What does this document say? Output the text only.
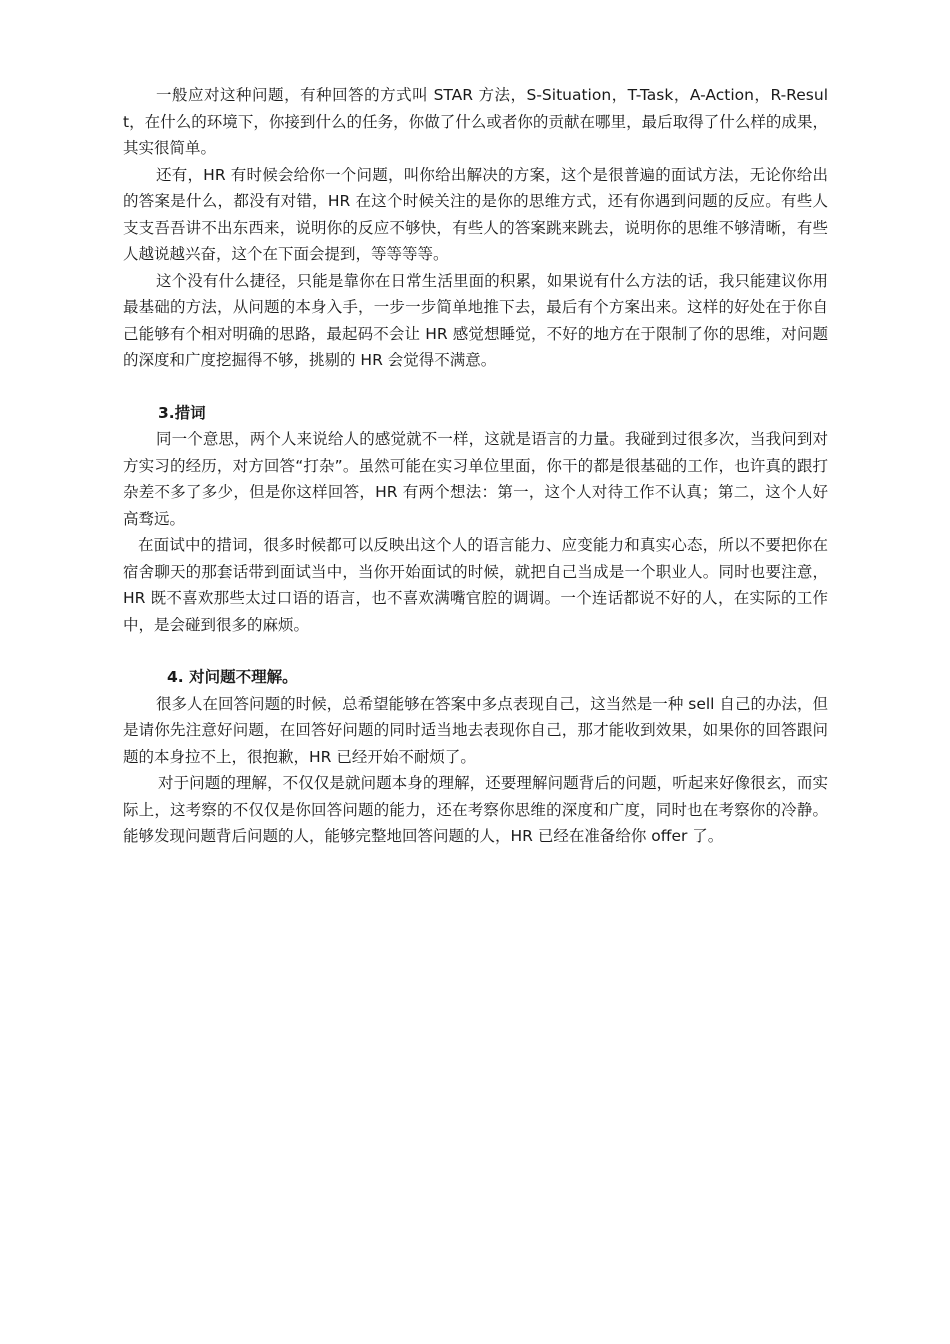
一般应对这种问题，有种回答的方式叫 STAR 方法，S-Situation，T-Task，A-Action，R-Result，在什么的环境下，你接到什么的任务，你做了什么或者你的贡献在哪里，最后取得了什么样的成果，其实很简单。

还有，HR 有时候会给你一个问题，叫你给出解决的方案，这个是很普遍的面试方法，无论你给出的答案是什么，都没有对错，HR 在这个时候关注的是你的思维方式，还有你遇到问题的反应。有些人支支吾吾讲不出东西来，说明你的反应不够快，有些人的答案跳来跳去，说明你的思维不够清晰，有些人越说越兴奋，这个在下面会提到，等等等等。

这个没有什么捷径，只能是靠你在日常生活里面的积累，如果说有什么方法的话，我只能建议你用最基础的方法，从问题的本身入手，一步一步简单地推下去，最后有个方案出来。这样的好处在于你自己能够有个相对明确的思路，最起码不会让 HR 感觉想睡觉，不好的地方在于限制了你的思维，对问题的深度和广度挖掘得不够，挑剔的 HR 会觉得不满意。

3.措词

同一个意思，两个人来说给人的感觉就不一样，这就是语言的力量。我碰到过很多次，当我问到对方实习的经历，对方回答“打杂”。虽然可能在实习单位里面，你干的都是很基础的工作，也许真的跟打杂差不多了多少，但是你这样回答，HR 有两个想法：第一，这个人对待工作不认真；第二，这个人好高骛远。

在面试中的措词，很多时候都可以反映出这个人的语言能力、应变能力和真实心态，所以不要把你在宿舍聊天的那套话带到面试当中，当你开始面试的时候，就把自己当成是一个职业人。同时也要注意，HR 既不喜欢那些太过口语的语言，也不喜欢满嘴官腔的调调。一个连话都说不好的人，在实际的工作中，是会碰到很多的麻烦。

4. 对问题不理解。

很多人在回答问题的时候，总希望能够在答案中多点表现自己，这当然是一种 sell 自己的办法，但是请你先注意好问题，在回答好问题的同时适当地去表现你自己，那才能收到效果，如果你的回答跟问题的本身拉不上，很抱歉，HR 已经开始不耐烦了。

对于问题的理解，不仅仅是就问题本身的理解，还要理解问题背后的问题，听起来好像很玄，而实际上，这考察的不仅仅是你回答问题的能力，还在考察你思维的深度和广度，同时也在考察你的冷静。能够发现问题背后问题的人，能够完整地回答问题的人，HR 已经在准备给你 offer 了。
